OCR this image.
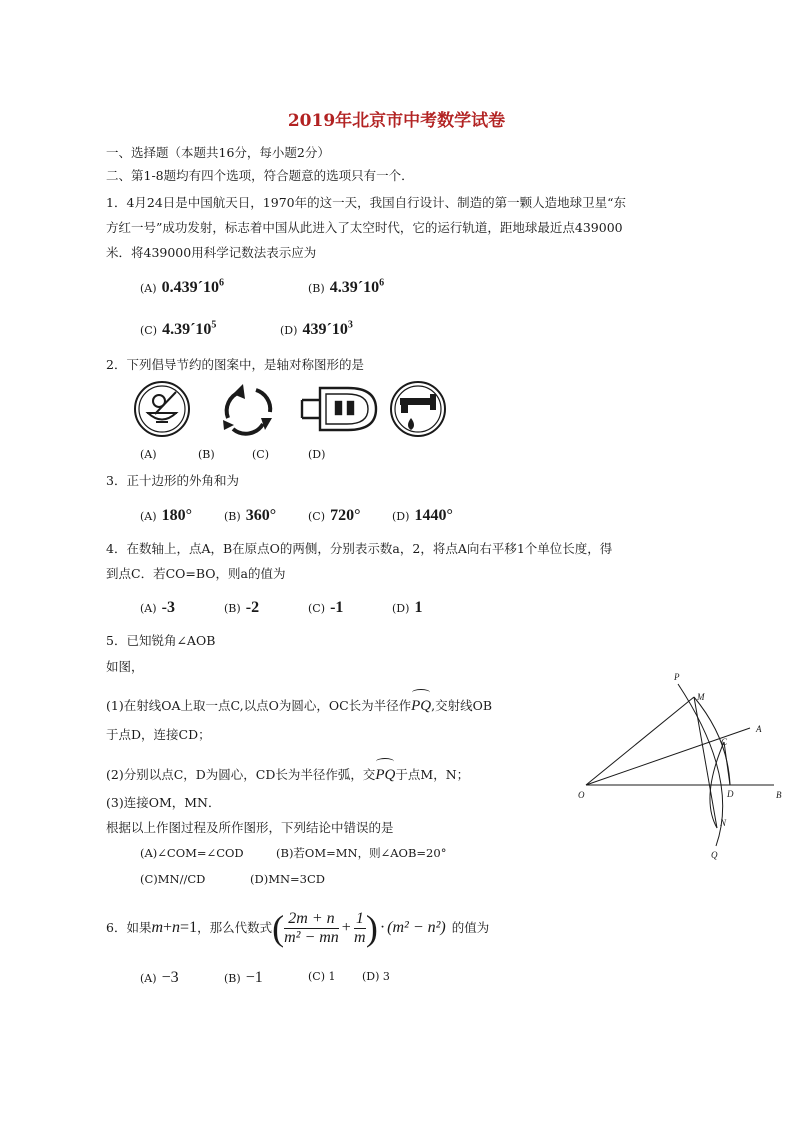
2019年北京市中考数学试卷
一、选择题（本题共16分，每小题2分）
二、第1-8题均有四个选项，符合题意的选项只有一个．
1．4月24日是中国航天日，1970年的这一天，我国自行设计、制造的第一颗人造地球卫星“东
方红一号”成功发射，标志着中国从此进入了太空时代，它的运行轨道，距地球最近点439000
米．将439000用科学记数法表示应为
(A) $0.439´10^6$	(B) $4.39´10^6$
(C) $4.39´10^5$	(D) $439´10^3$
2．下列倡导节约的图案中，是轴对称图形的是
(A)	(B)	(C)	(D)
3．正十边形的外角和为
(A) 180°	(B) 360°	(C) 720°	(D) 1440°
4．在数轴上，点A，B在原点O的两侧，分别表示数a，2，将点A向右平移1个单位长度，得
到点C．若CO=BO，则a的值为
(A) -3	(B) -2	(C) -1	(D) 1
5．已知锐角∠AOB
如图，
(1)在射线OA上取一点C,以点O为圆心，OC长为半径作PQ,交射线OB
于点D，连接CD；
(2)分别以点C，D为圆心，CD长为半径作弧，交PQ于点M，N；
(3)连接OM，MN．
根据以上作图过程及所作图形，下列结论中错误的是
(A)∠COM=∠COD	(B)若OM=MN，则∠AOB=20°
(C)MN//CD	(D)MN=3CD
P
M
A
C
O	D	B
N
Q
6．如果 m + n =1 ，那么代数式 ( $\frac{2m + n}{\text{m² − mn}} + \frac{1}{m}$ ) · (m² − n²) 的值为
(A) −3	(B) −1	(C) 1 (D) 3
